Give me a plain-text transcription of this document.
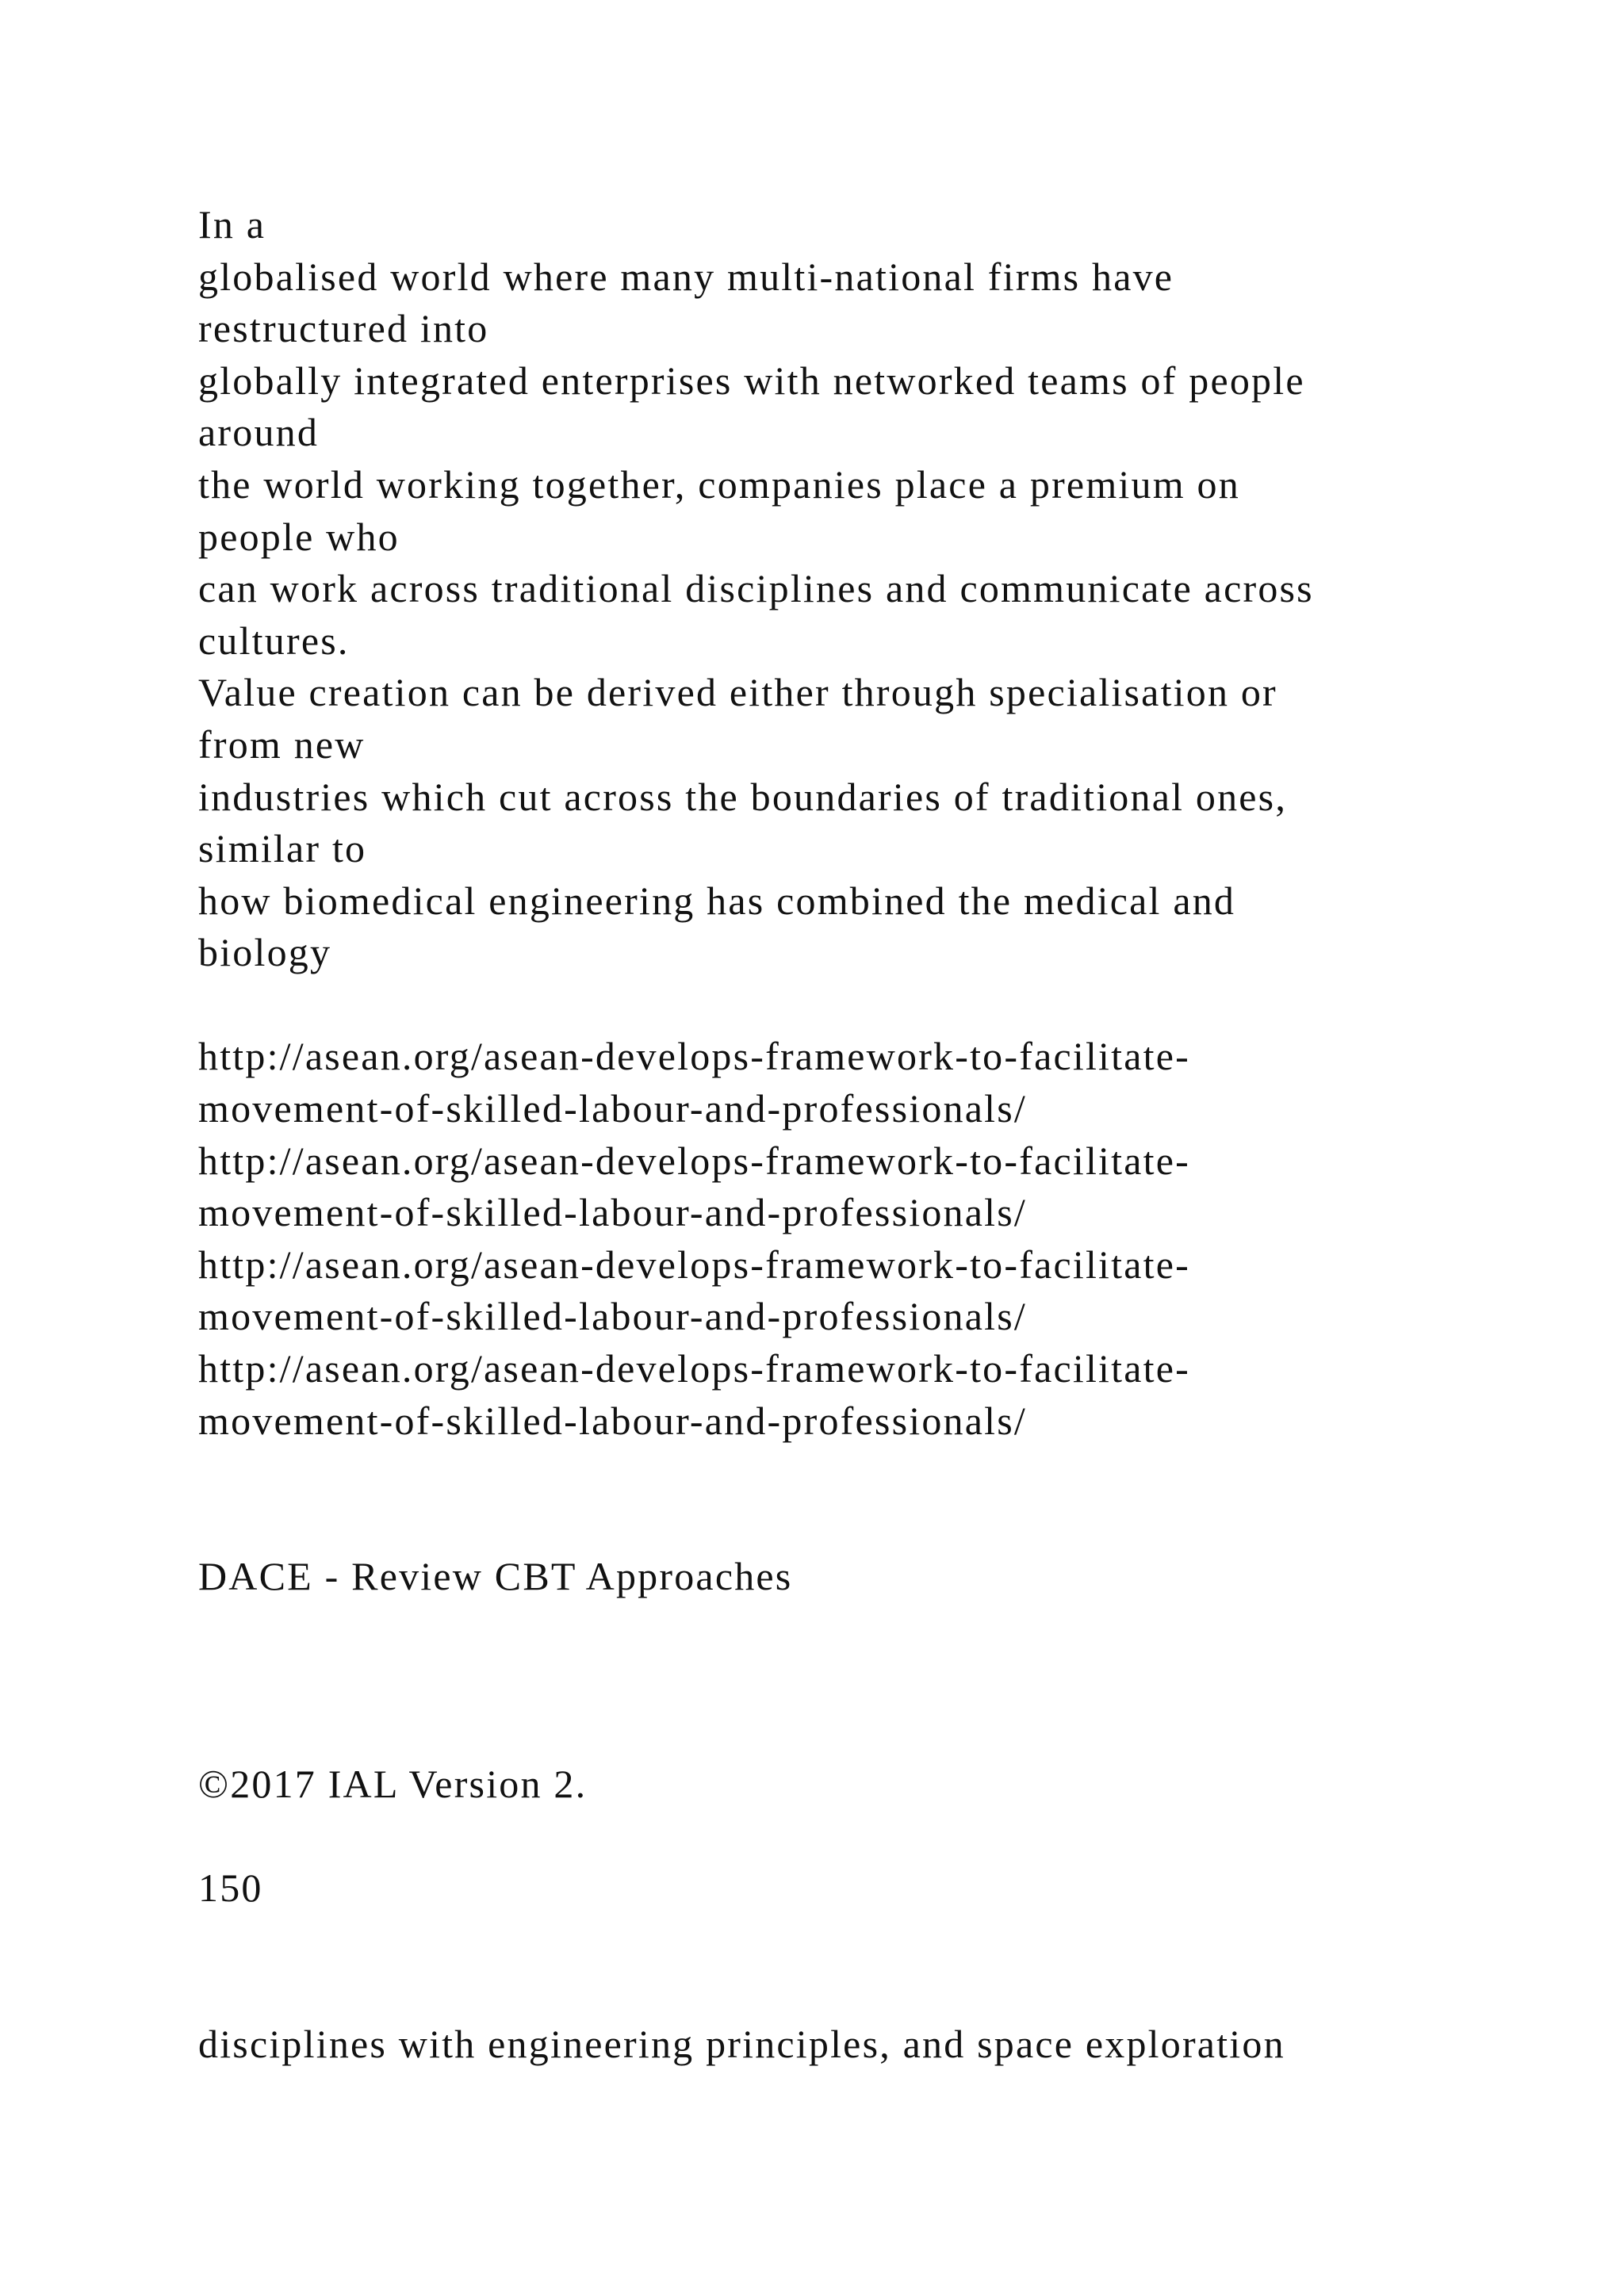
In a
globalised world where many multi-national firms have
restructured into
globally integrated enterprises with networked teams of people
around
the world working together, companies place a premium on
people who
can work across traditional disciplines and communicate across
cultures.
Value creation can be derived either through specialisation or
from new
industries which cut across the boundaries of traditional ones,
similar to
how biomedical engineering has combined the medical and
biology
http://asean.org/asean-develops-framework-to-facilitate-
movement-of-skilled-labour-and-professionals/
http://asean.org/asean-develops-framework-to-facilitate-
movement-of-skilled-labour-and-professionals/
http://asean.org/asean-develops-framework-to-facilitate-
movement-of-skilled-labour-and-professionals/
http://asean.org/asean-develops-framework-to-facilitate-
movement-of-skilled-labour-and-professionals/
DACE - Review CBT Approaches
©2017 IAL Version 2.
150
disciplines with engineering principles, and space exploration
